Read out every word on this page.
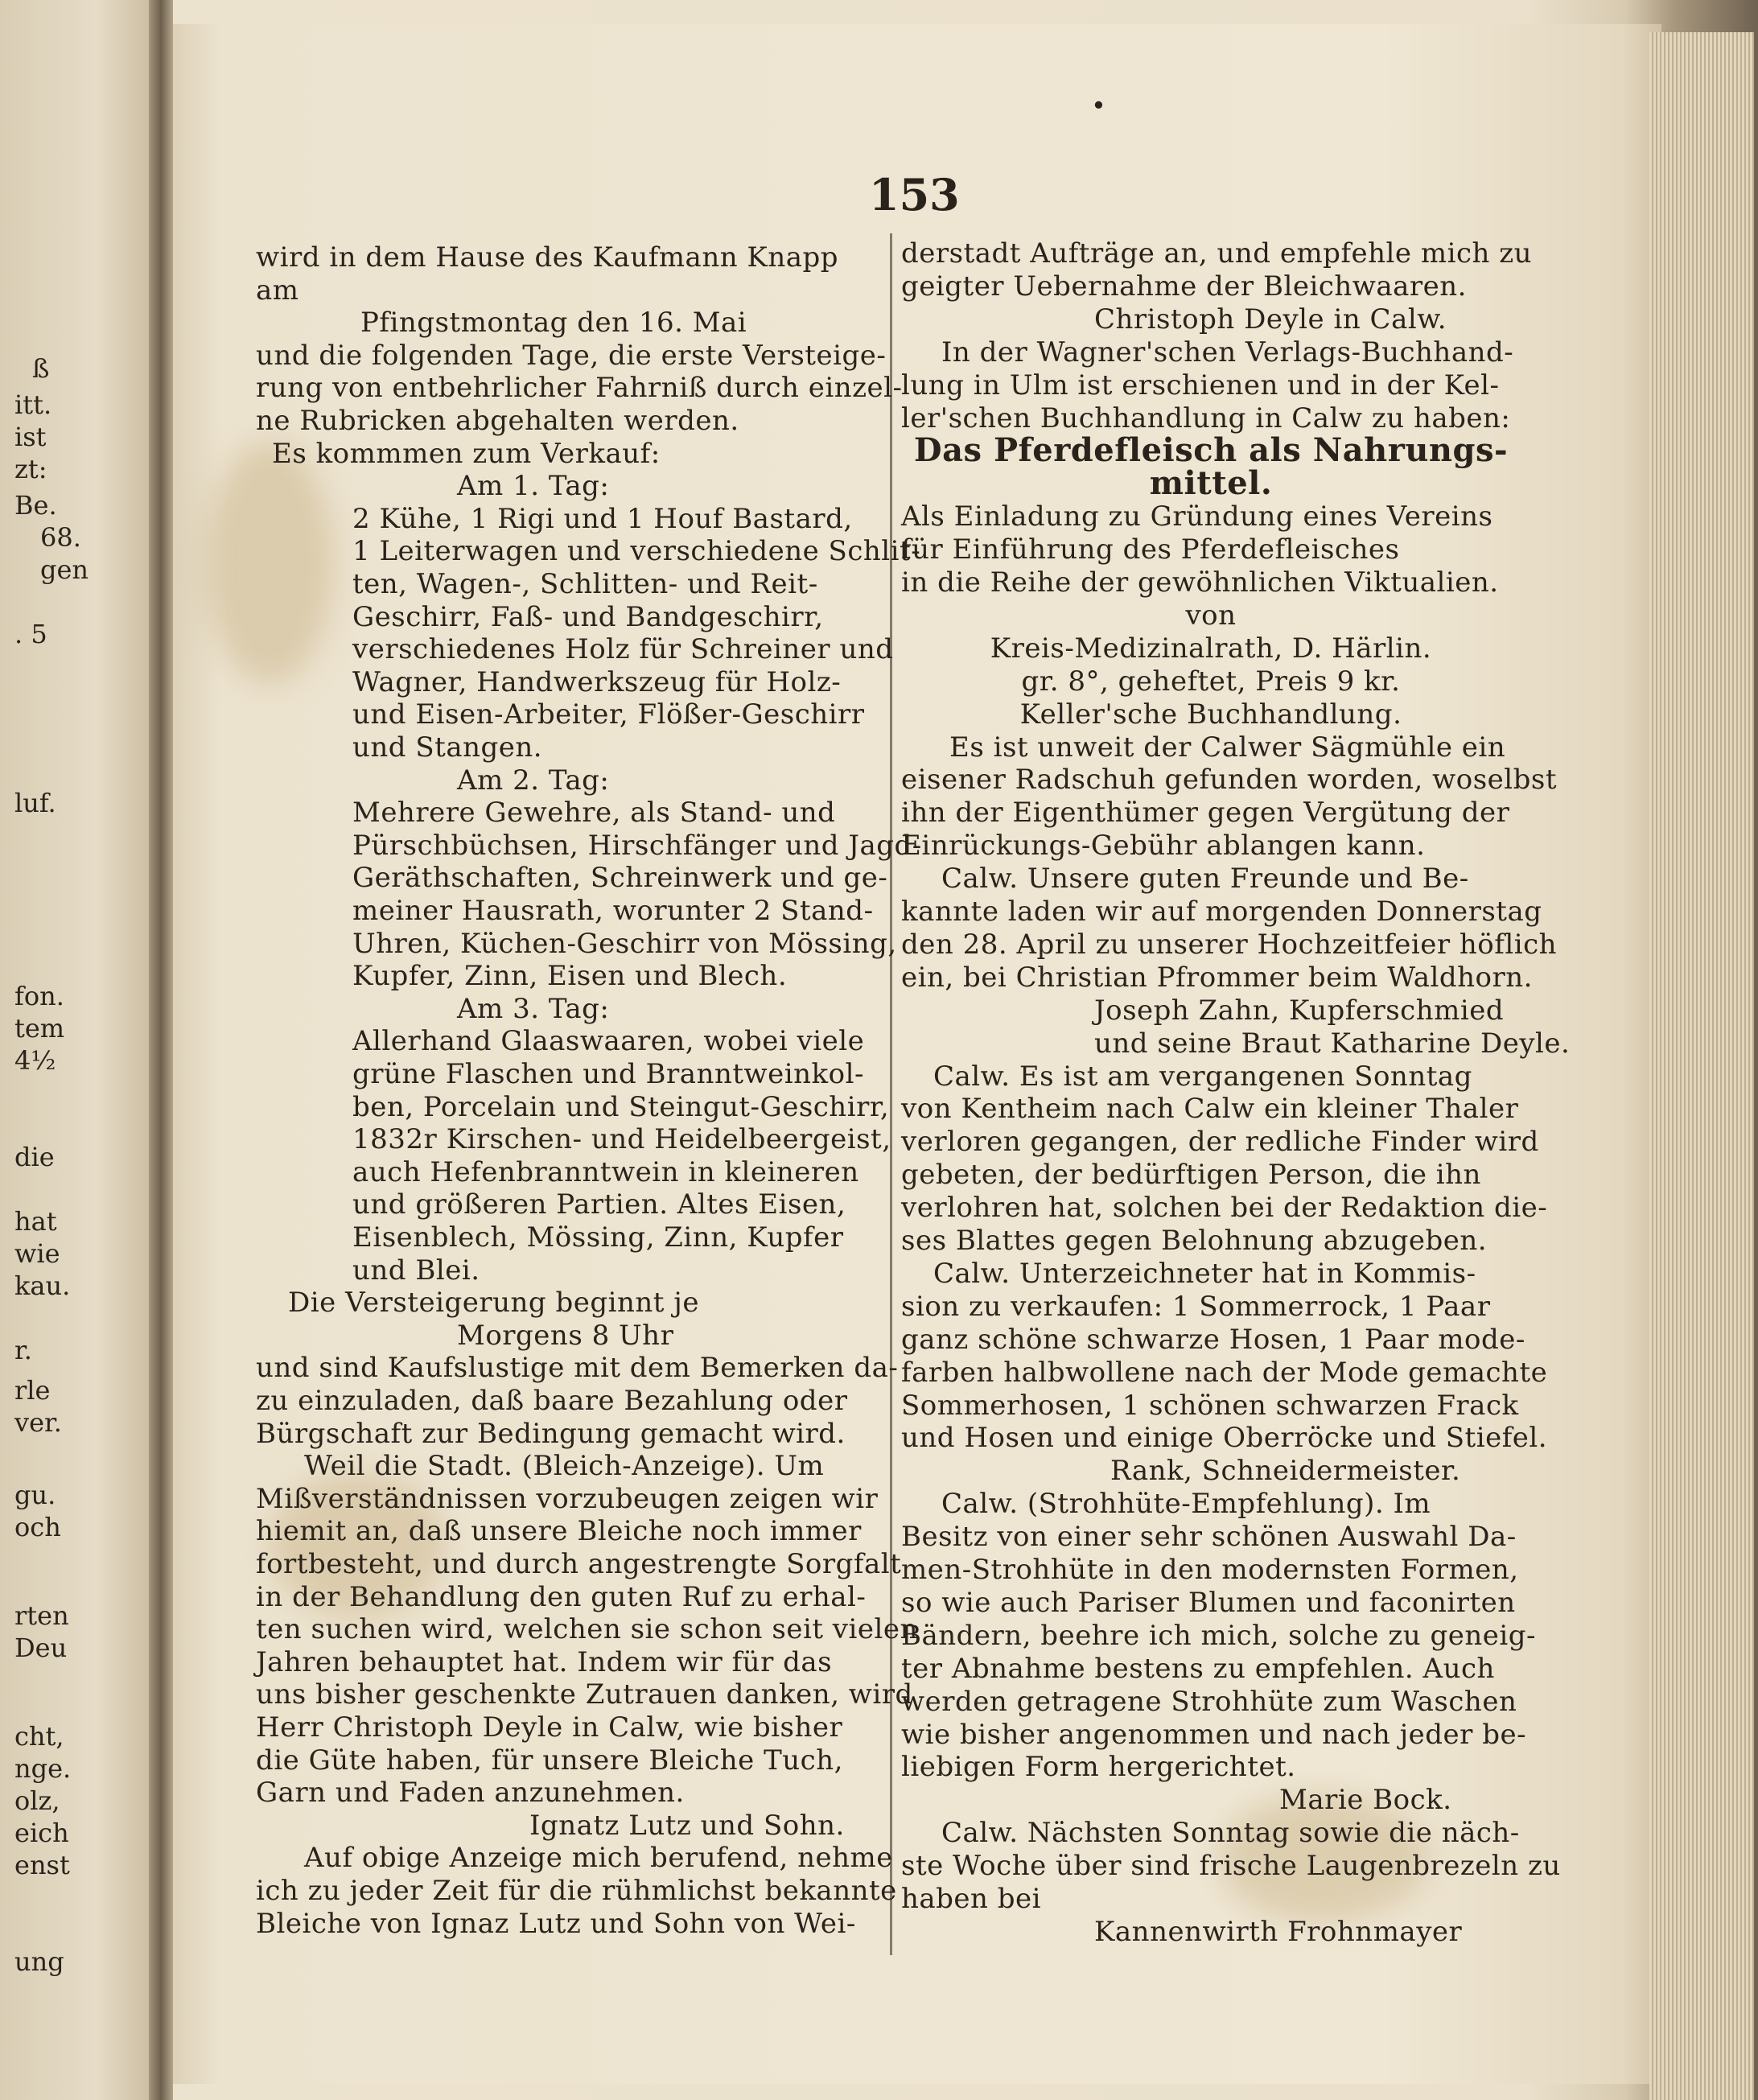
ß
itt.
ist
zt:
Be.
68.
gen
. 5
luf.
fon.
tem
4½
die
hat
wie
kau.
r.
rle
ver.
gu.
och
rten
Deu
cht,
nge.
olz,
eich
enst
ung
•
153
wird in dem Hause des Kaufmann Knapp
am
Pfingstmontag den 16. Mai
und die folgenden Tage, die erste Versteige-
rung von entbehrlicher Fahrniß durch einzel-
ne Rubricken abgehalten werden.
Es kommmen zum Verkauf:
Am 1. Tag:
2 Kühe, 1 Rigi und 1 Houf Bastard,
1 Leiterwagen und verschiedene Schlit-
ten, Wagen-, Schlitten- und Reit-
Geschirr, Faß- und Bandgeschirr,
verschiedenes Holz für Schreiner und
Wagner, Handwerkszeug für Holz-
und Eisen-Arbeiter, Flößer-Geschirr
und Stangen.
Am 2. Tag:
Mehrere Gewehre, als Stand- und
Pürschbüchsen, Hirschfänger und Jagd-
Geräthschaften, Schreinwerk und ge-
meiner Hausrath, worunter 2 Stand-
Uhren, Küchen-Geschirr von Mössing,
Kupfer, Zinn, Eisen und Blech.
Am 3. Tag:
Allerhand Glaaswaaren, wobei viele
grüne Flaschen und Branntweinkol-
ben, Porcelain und Steingut-Geschirr,
1832r Kirschen- und Heidelbeergeist,
auch Hefenbranntwein in kleineren
und größeren Partien. Altes Eisen,
Eisenblech, Mössing, Zinn, Kupfer
und Blei.
Die Versteigerung beginnt je
Morgens 8 Uhr
und sind Kaufslustige mit dem Bemerken da-
zu einzuladen, daß baare Bezahlung oder
Bürgschaft zur Bedingung gemacht wird.
Weil die Stadt. (Bleich-Anzeige). Um
Mißverständnissen vorzubeugen zeigen wir
hiemit an, daß unsere Bleiche noch immer
fortbesteht, und durch angestrengte Sorgfalt
in der Behandlung den guten Ruf zu erhal-
ten suchen wird, welchen sie schon seit vielen
Jahren behauptet hat. Indem wir für das
uns bisher geschenkte Zutrauen danken, wird
Herr Christoph Deyle in Calw, wie bisher
die Güte haben, für unsere Bleiche Tuch,
Garn und Faden anzunehmen.
Ignatz Lutz und Sohn.
Auf obige Anzeige mich berufend, nehme
ich zu jeder Zeit für die rühmlichst bekannte
Bleiche von Ignaz Lutz und Sohn von Wei-
derstadt Aufträge an, und empfehle mich zu
geigter Uebernahme der Bleichwaaren.
Christoph Deyle in Calw.
In der Wagner'schen Verlags-Buchhand-
lung in Ulm ist erschienen und in der Kel-
ler'schen Buchhandlung in Calw zu haben:
Das Pferdefleisch als Nahrungs-
mittel.
Als Einladung zu Gründung eines Vereins
für Einführung des Pferdefleisches
in die Reihe der gewöhnlichen Viktualien.
von
Kreis-Medizinalrath, D. Härlin.
gr. 8°, geheftet, Preis 9 kr.
Keller'sche Buchhandlung.
Es ist unweit der Calwer Sägmühle ein
eisener Radschuh gefunden worden, woselbst
ihn der Eigenthümer gegen Vergütung der
Einrückungs-Gebühr ablangen kann.
Calw. Unsere guten Freunde und Be-
kannte laden wir auf morgenden Donnerstag
den 28. April zu unserer Hochzeitfeier höflich
ein, bei Christian Pfrommer beim Waldhorn.
Joseph Zahn, Kupferschmied
und seine Braut Katharine Deyle.
Calw. Es ist am vergangenen Sonntag
von Kentheim nach Calw ein kleiner Thaler
verloren gegangen, der redliche Finder wird
gebeten, der bedürftigen Person, die ihn
verlohren hat, solchen bei der Redaktion die-
ses Blattes gegen Belohnung abzugeben.
Calw. Unterzeichneter hat in Kommis-
sion zu verkaufen: 1 Sommerrock, 1 Paar
ganz schöne schwarze Hosen, 1 Paar mode-
farben halbwollene nach der Mode gemachte
Sommerhosen, 1 schönen schwarzen Frack
und Hosen und einige Oberröcke und Stiefel.
Rank, Schneidermeister.
Calw. (Strohhüte-Empfehlung). Im
Besitz von einer sehr schönen Auswahl Da-
men-Strohhüte in den modernsten Formen,
so wie auch Pariser Blumen und faconirten
Bändern, beehre ich mich, solche zu geneig-
ter Abnahme bestens zu empfehlen. Auch
werden getragene Strohhüte zum Waschen
wie bisher angenommen und nach jeder be-
liebigen Form hergerichtet.
Marie Bock.
Calw. Nächsten Sonntag sowie die näch-
ste Woche über sind frische Laugenbrezeln zu
haben bei
Kannenwirth Frohnmayer
